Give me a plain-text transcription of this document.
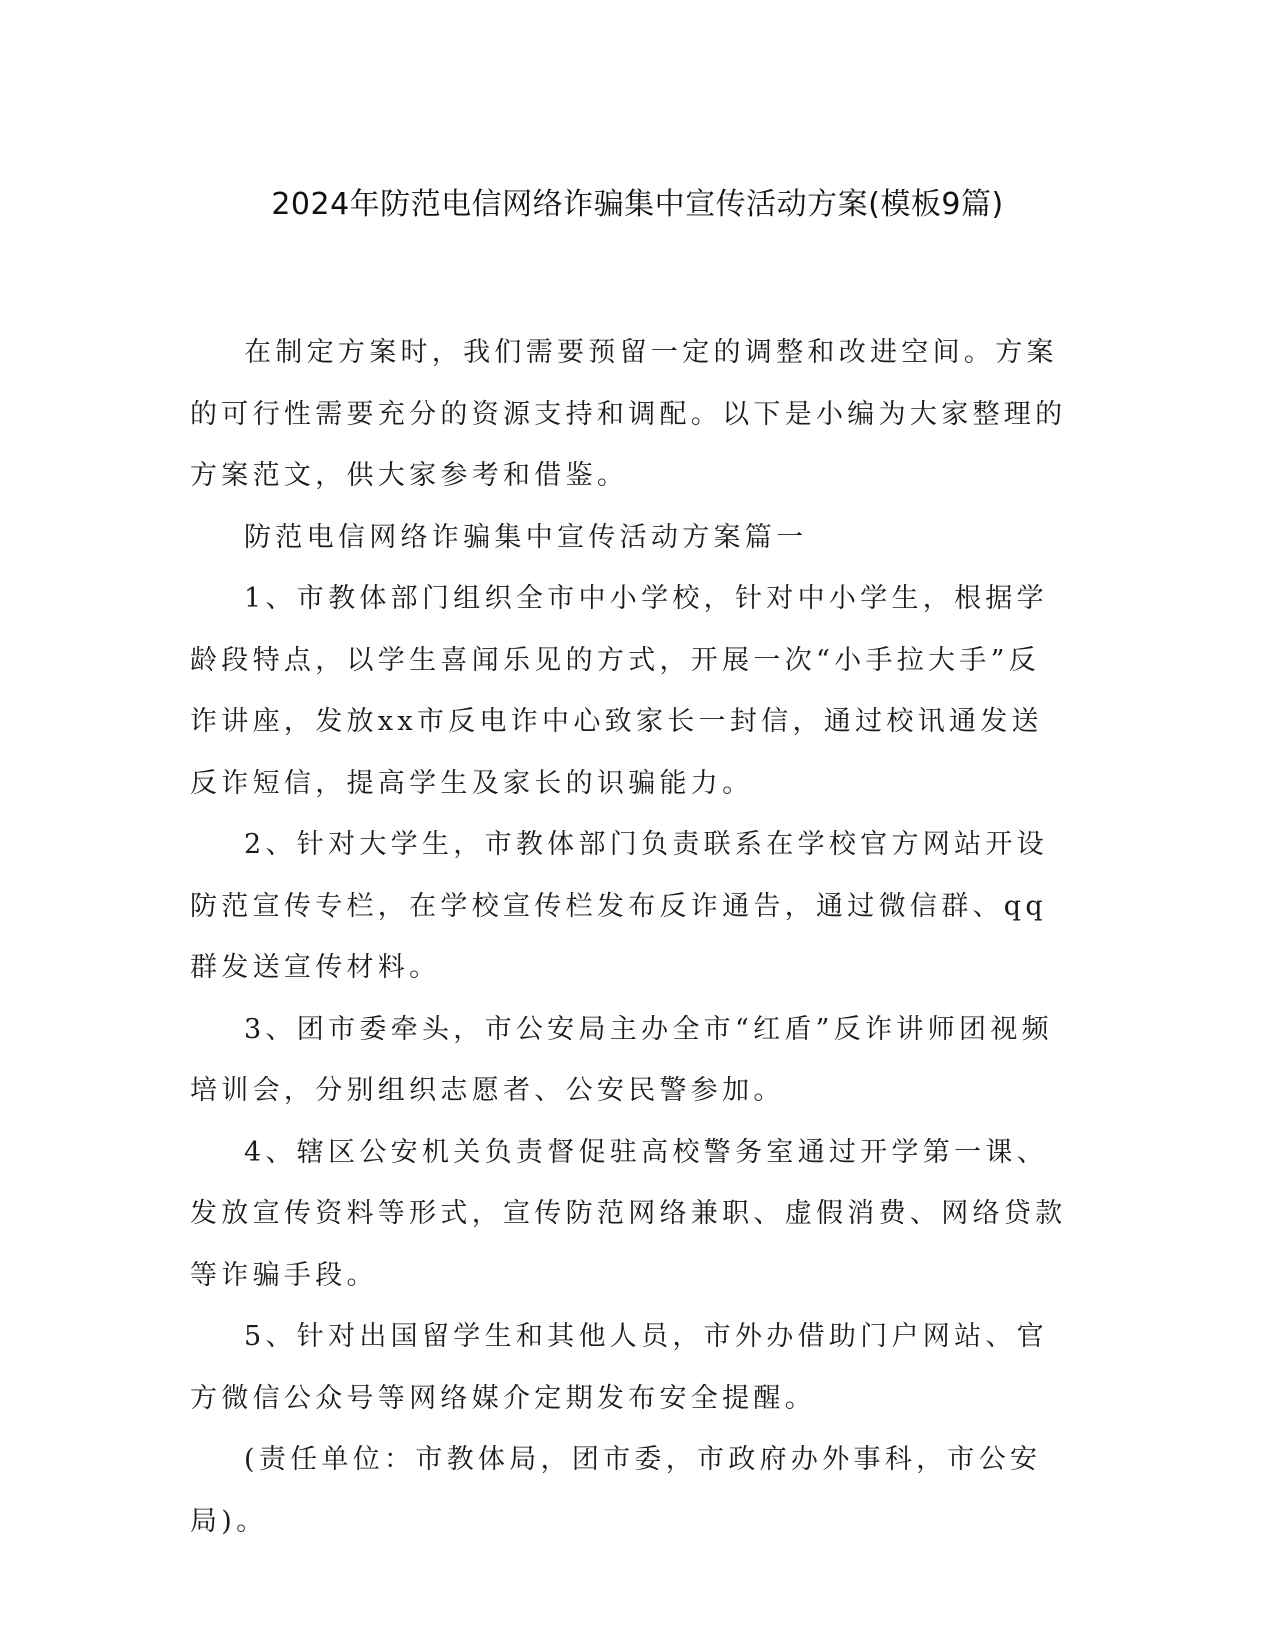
2024年防范电信网络诈骗集中宣传活动方案(模板9篇)

在制定方案时，我们需要预留一定的调整和改进空间。方案的可行性需要充分的资源支持和调配。以下是小编为大家整理的方案范文，供大家参考和借鉴。

防范电信网络诈骗集中宣传活动方案篇一

1、市教体部门组织全市中小学校，针对中小学生，根据学龄段特点，以学生喜闻乐见的方式，开展一次“小手拉大手”反诈讲座，发放xx市反电诈中心致家长一封信，通过校讯通发送反诈短信，提高学生及家长的识骗能力。

2、针对大学生，市教体部门负责联系在学校官方网站开设防范宣传专栏，在学校宣传栏发布反诈通告，通过微信群、qq群发送宣传材料。

3、团市委牵头，市公安局主办全市“红盾”反诈讲师团视频培训会，分别组织志愿者、公安民警参加。

4、辖区公安机关负责督促驻高校警务室通过开学第一课、发放宣传资料等形式，宣传防范网络兼职、虚假消费、网络贷款等诈骗手段。

5、针对出国留学生和其他人员，市外办借助门户网站、官方微信公众号等网络媒介定期发布安全提醒。

(责任单位：市教体局，团市委，市政府办外事科，市公安局)。
